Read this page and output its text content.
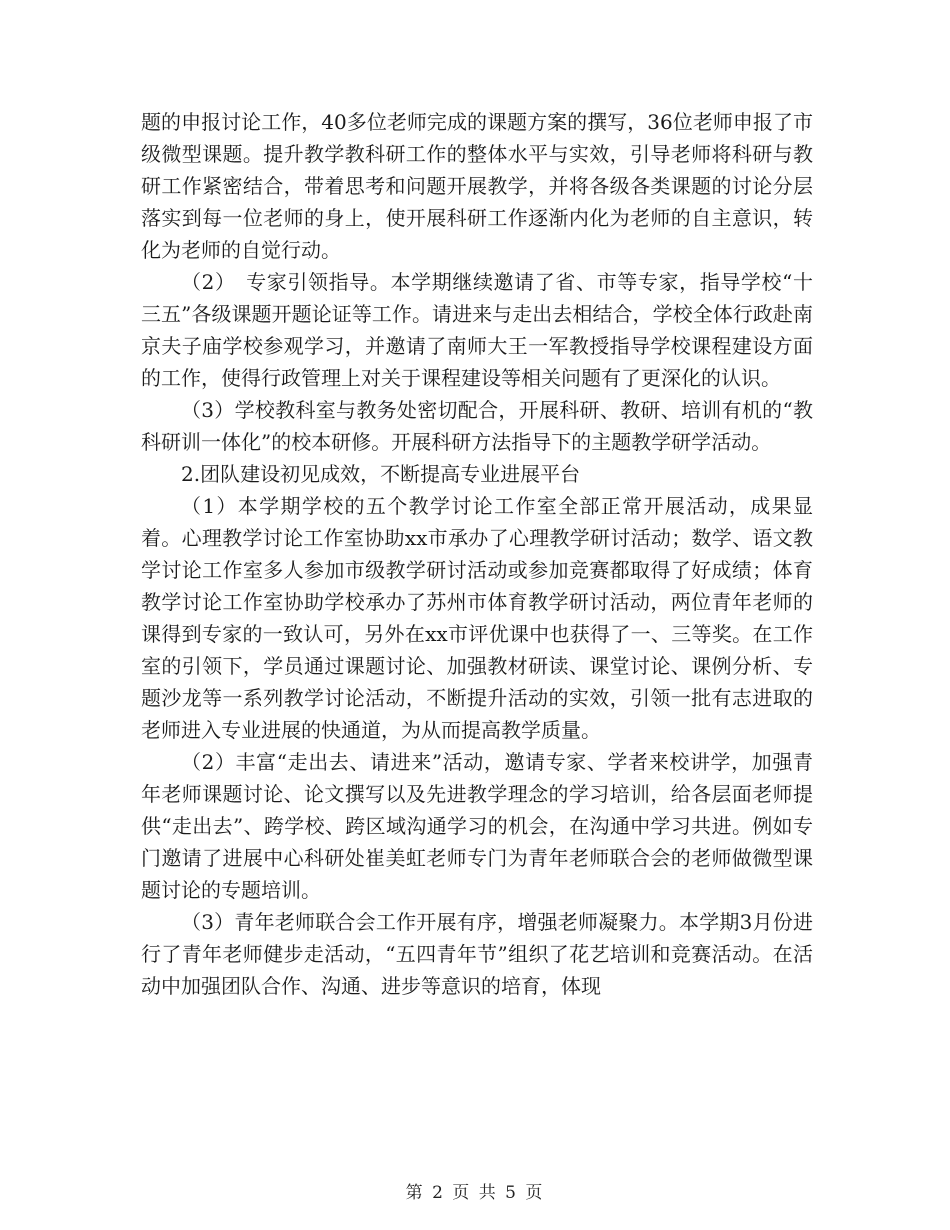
题的申报讨论工作，40多位老师完成的课题方案的撰写，36位老师申报了市级微型课题。提升教学教科研工作的整体水平与实效，引导老师将科研与教研工作紧密结合，带着思考和问题开展教学，并将各级各类课题的讨论分层落实到每一位老师的身上，使开展科研工作逐渐内化为老师的自主意识，转化为老师的自觉行动。

（2）　专家引领指导。本学期继续邀请了省、市等专家，指导学校“十三五”各级课题开题论证等工作。请进来与走出去相结合，学校全体行政赴南京夫子庙学校参观学习，并邀请了南师大王一军教授指导学校课程建设方面的工作，使得行政管理上对关于课程建设等相关问题有了更深化的认识。

（3）学校教科室与教务处密切配合，开展科研、教研、培训有机的“教科研训一体化”的校本研修。开展科研方法指导下的主题教学研学活动。

2.团队建设初见成效，不断提高专业进展平台

（1）本学期学校的五个教学讨论工作室全部正常开展活动，成果显着。心理教学讨论工作室协助xx市承办了心理教学研讨活动；数学、语文教学讨论工作室多人参加市级教学研讨活动或参加竞赛都取得了好成绩；体育教学讨论工作室协助学校承办了苏州市体育教学研讨活动，两位青年老师的课得到专家的一致认可，另外在xx市评优课中也获得了一、三等奖。在工作室的引领下，学员通过课题讨论、加强教材研读、课堂讨论、课例分析、专题沙龙等一系列教学讨论活动，不断提升活动的实效，引领一批有志进取的老师进入专业进展的快通道，为从而提高教学质量。

（2）丰富“走出去、请进来”活动，邀请专家、学者来校讲学，加强青年老师课题讨论、论文撰写以及先进教学理念的学习培训，给各层面老师提供“走出去”、跨学校、跨区域沟通学习的机会，在沟通中学习共进。例如专门邀请了进展中心科研处崔美虹老师专门为青年老师联合会的老师做微型课题讨论的专题培训。

（3）青年老师联合会工作开展有序，增强老师凝聚力。本学期3月份进行了青年老师健步走活动，“五四青年节”组织了花艺培训和竞赛活动。在活动中加强团队合作、沟通、进步等意识的培育，体现

第 2 页 共 5 页
